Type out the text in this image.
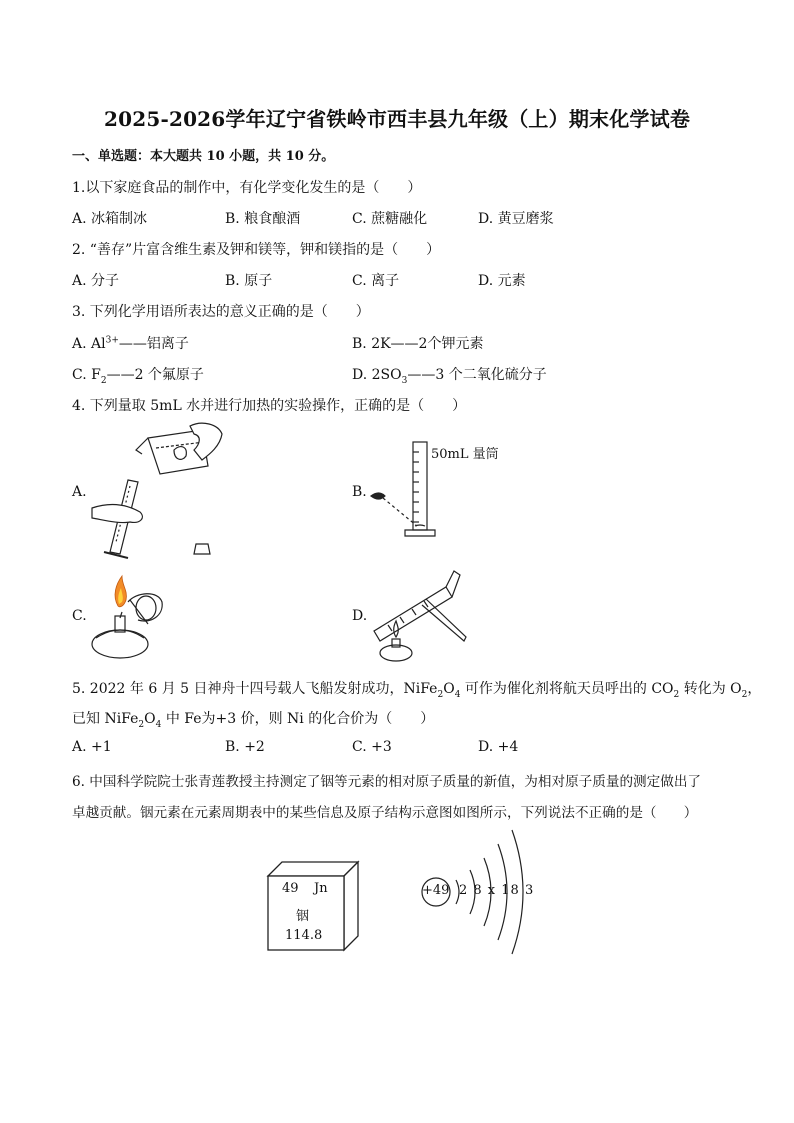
2025-2026学年辽宁省铁岭市西丰县九年级（上）期末化学试卷
一、单选题：本大题共 10 小题，共 10 分。
1.以下家庭食品的制作中，有化学变化发生的是（　　）
A. 冰箱制冰	B. 粮食酿酒	C. 蔗糖融化	D. 黄豆磨浆
2. “善存”片富含维生素及钾和镁等，钾和镁指的是（　　）
A. 分子	B. 原子	C. 离子	D. 元素
3. 下列化学用语所表达的意义正确的是（　　）
A. $Al^{3+}——$铝离子	B. 2K——2个钾元素
C. $F_2——2$ 个氟原子	D. $2SO_3——3$ 个二氧化硫分子
4. 下列量取 5mL 水并进行加热的实验操作，正确的是（　　）
A.	B.
50mL 量筒
C.	D.
5. 2022 年 6 月 5 日神舟十四号载人飞船发射成功，$NiFe_2O_4$ 可作为催化剂将航天员呼出的 $CO_2$ 转化为 $O_2$，
已知 $NiFe_2O_4$ 中 Fe为+3 价，则 Ni 的化合价为（　　）
A. +1	B. +2	C. +3	D. +4
6. 中国科学院院士张青莲教授主持测定了铟等元素的相对原子质量的新值，为相对原子质量的测定做出了
卓越贡献。铟元素在元素周期表中的某些信息及原子结构示意图如图所示，下列说法不正确的是（　　）
49 Jn
铟
114.8
+49 2 8 x 18 3
